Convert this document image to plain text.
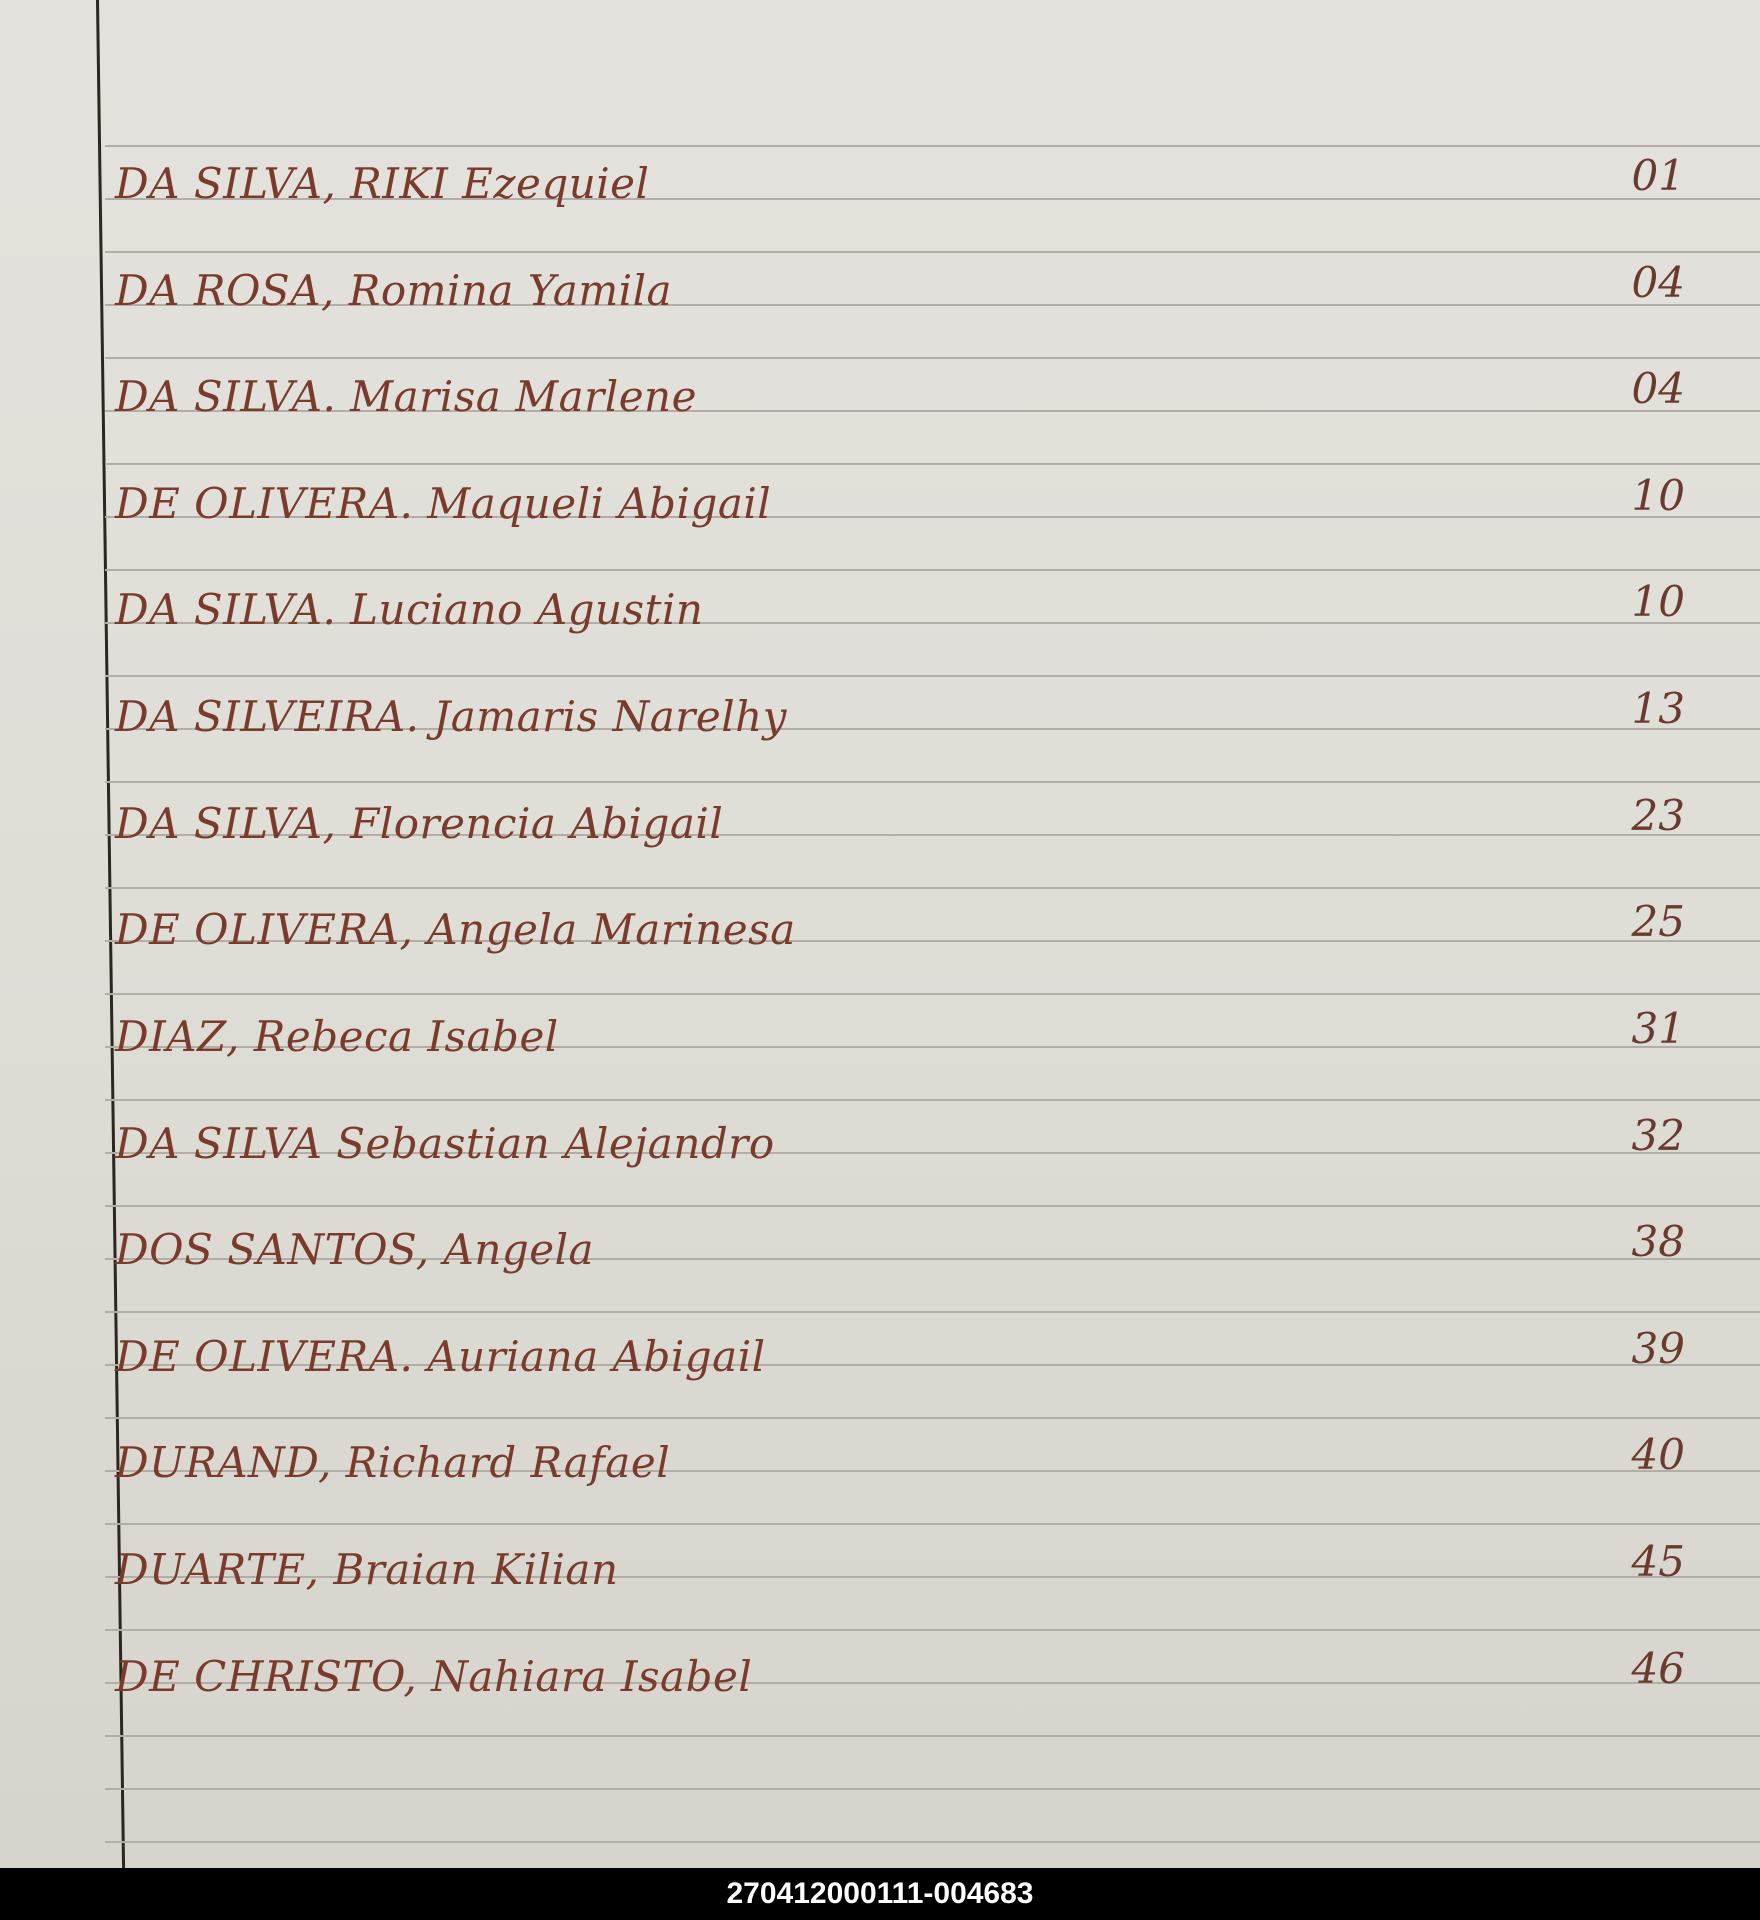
DA SILVA, RIKI Ezequiel	01
DA ROSA, Romina Yamila	04
DA SILVA. Marisa Marlene	04
DE OLIVERA. Maqueli Abigail	10
DA SILVA. Luciano Agustin	10
DA SILVEIRA. Jamaris Narelhy	13
DA SILVA, Florencia Abigail	23
DE OLIVERA, Angela Marinesa	25
DIAZ, Rebeca Isabel	31
DA SILVA Sebastian Alejandro	32
DOS SANTOS, Angela	38
DE OLIVERA. Auriana Abigail	39
DURAND, Richard Rafael	40
DUARTE, Braian Kilian	45
DE CHRISTO, Nahiara Isabel	46
270412000111-004683
